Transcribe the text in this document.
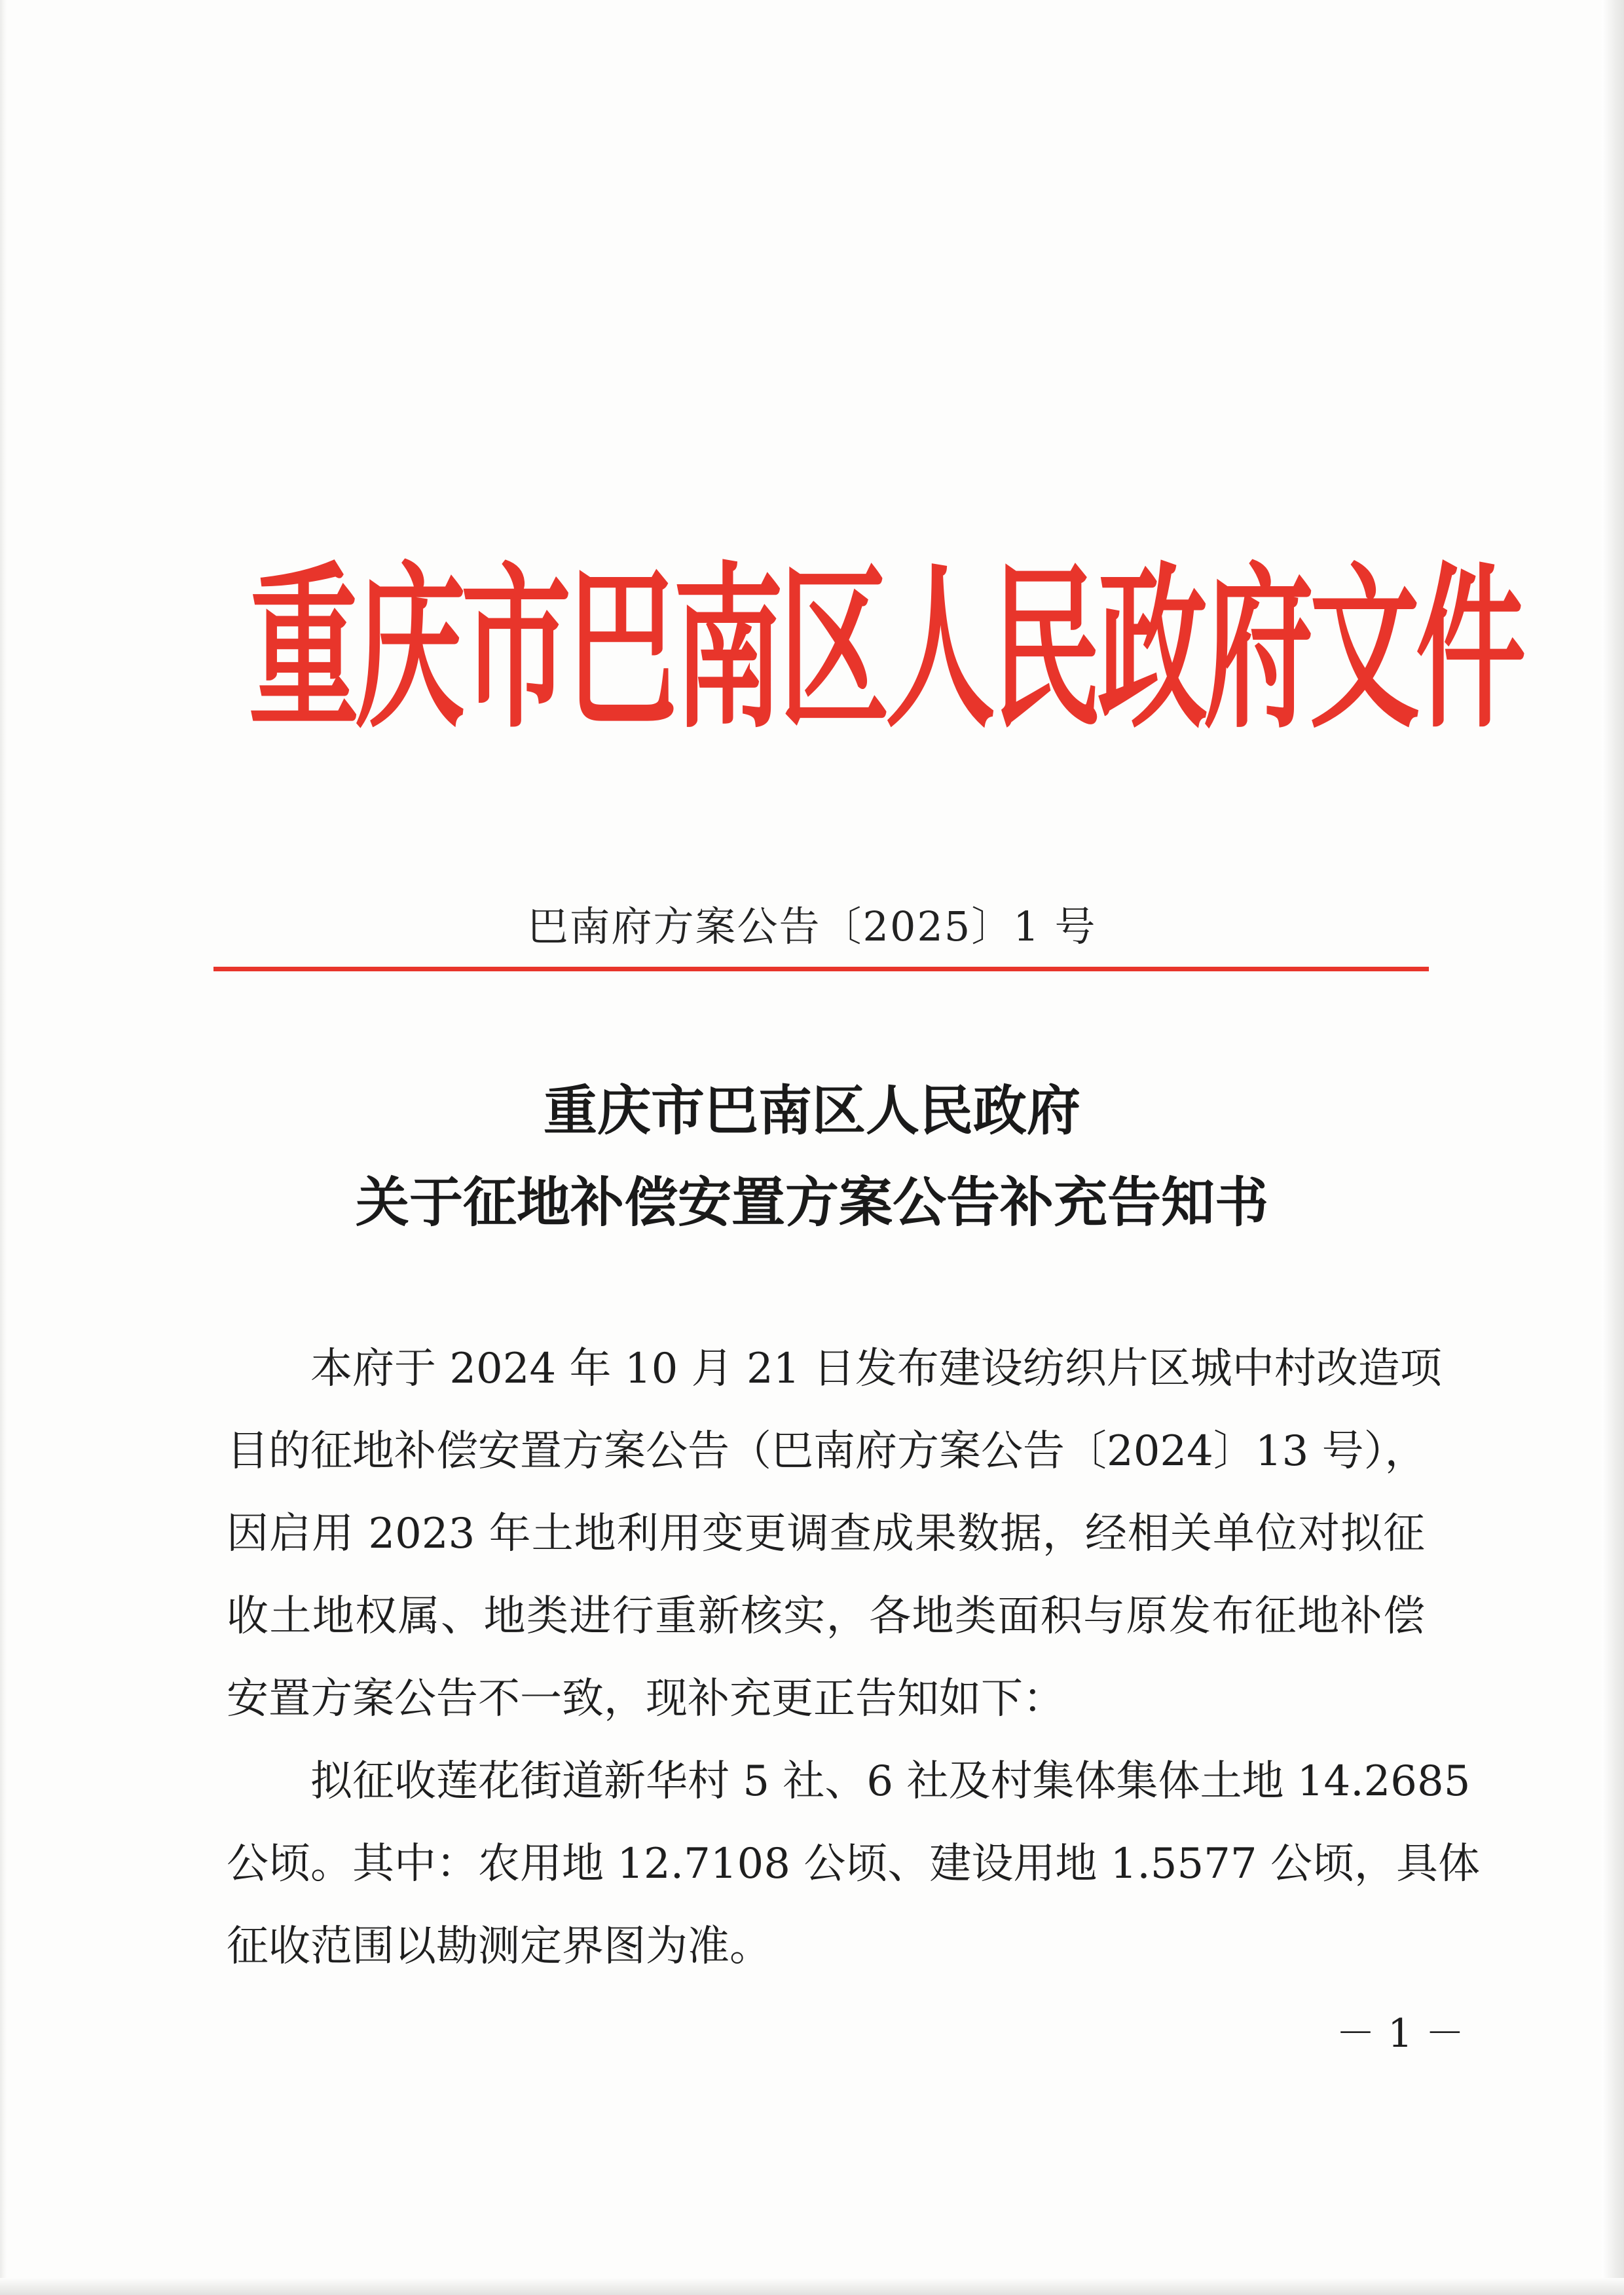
重庆市巴南区人民政府文件
巴南府方案公告〔2025〕1 号
重庆市巴南区人民政府
关于征地补偿安置方案公告补充告知书
本府于 2024 年 10 月 21 日发布建设纺织片区城中村改造项
目的征地补偿安置方案公告（巴南府方案公告〔2024〕13 号），
因启用 2023 年土地利用变更调查成果数据，经相关单位对拟征
收土地权属、地类进行重新核实，各地类面积与原发布征地补偿
安置方案公告不一致，现补充更正告知如下：
拟征收莲花街道新华村 5 社、6 社及村集体集体土地 14.2685
公顷。其中：农用地 12.7108 公顷、建设用地 1.5577 公顷，具体
征收范围以勘测定界图为准。
－ 1 －
